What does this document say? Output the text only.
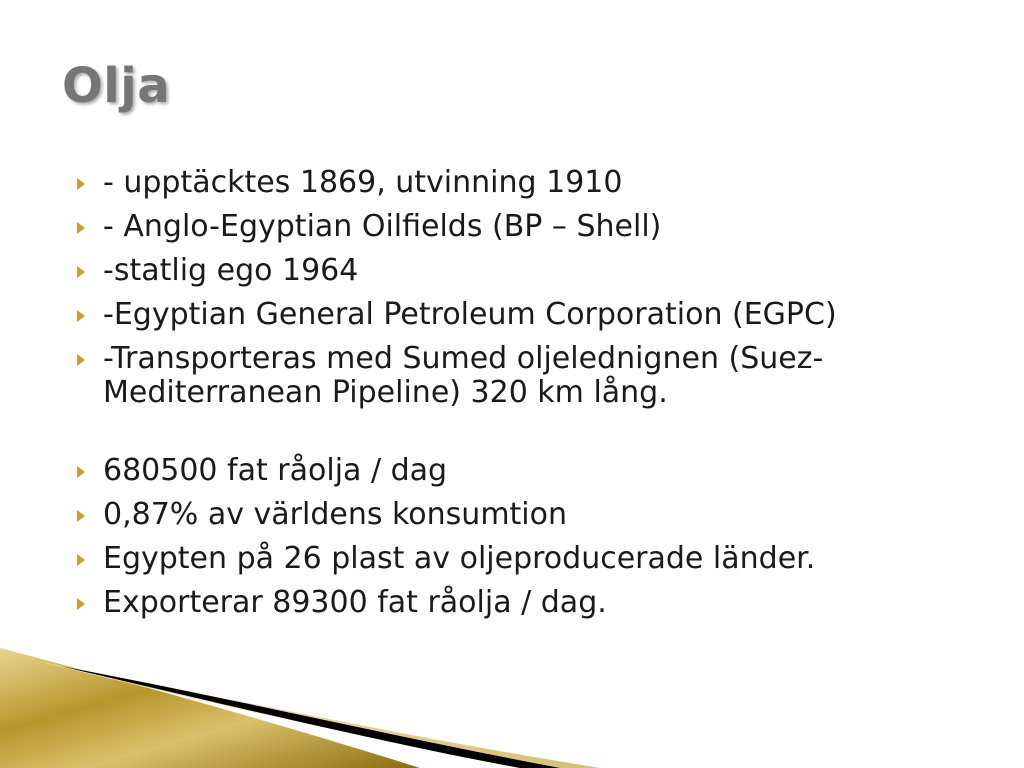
Olja
- upptäcktes 1869, utvinning 1910
- Anglo-Egyptian Oilfields (BP – Shell)
-statlig ego 1964
-Egyptian General Petroleum Corporation (EGPC)
-Transporteras med Sumed oljelednignen (Suez-Mediterranean Pipeline) 320 km lång.
680500 fat råolja / dag
0,87% av världens konsumtion
Egypten på 26 plast av oljeproducerade länder.
Exporterar 89300 fat råolja / dag.
